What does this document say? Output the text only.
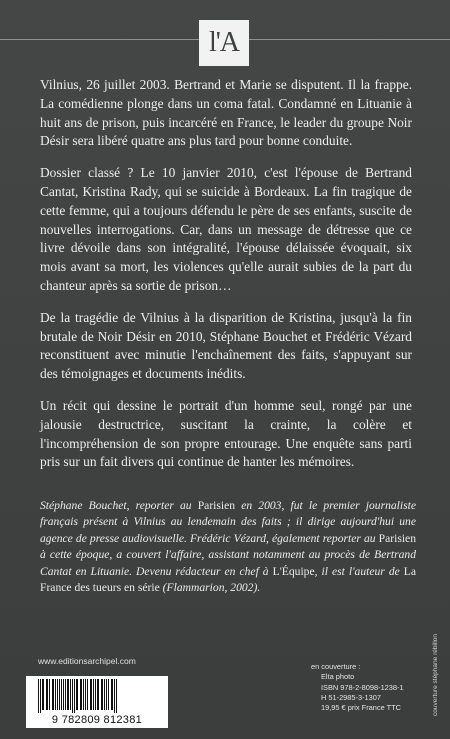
l'A

Vilnius, 26 juillet 2003. Bertrand et Marie se disputent. Il la frappe. La comédienne plonge dans un coma fatal. Condamné en Lituanie à huit ans de prison, puis incarcéré en France, le leader du groupe Noir Désir sera libéré quatre ans plus tard pour bonne conduite.

Dossier classé ? Le 10 janvier 2010, c'est l'épouse de Bertrand Cantat, Kristina Rady, qui se suicide à Bordeaux. La fin tragique de cette femme, qui a toujours défendu le père de ses enfants, suscite de nouvelles interrogations. Car, dans un message de détresse que ce livre dévoile dans son intégralité, l'épouse délaissée évoquait, six mois avant sa mort, les violences qu'elle aurait subies de la part du chanteur après sa sortie de prison…

De la tragédie de Vilnius à la disparition de Kristina, jusqu'à la fin brutale de Noir Désir en 2010, Stéphane Bouchet et Frédéric Vézard reconstituent avec minutie l'enchaînement des faits, s'appuyant sur des témoignages et documents inédits.

Un récit qui dessine le portrait d'un homme seul, rongé par une jalousie destructrice, suscitant la crainte, la colère et l'incompréhension de son propre entourage. Une enquête sans parti pris sur un fait divers qui continue de hanter les mémoires.

Stéphane Bouchet, reporter au Parisien en 2003, fut le premier journaliste français présent à Vilnius au lendemain des faits ; il dirige aujourd'hui une agence de presse audiovisuelle. Frédéric Vézard, également reporter au Parisien à cette époque, a couvert l'affaire, assistant notamment au procès de Bertrand Cantat en Lituanie. Devenu rédacteur en chef à L'Équipe, il est l'auteur de La France des tueurs en série (Flammarion, 2002).

www.editionsarchipel.com
9 782809 812381
en couverture :
Elta photo
ISBN 978-2-8098-1238-1
H 51-2985-3-1307
19,95 € prix France TTC	couverture stéphane rébillon
